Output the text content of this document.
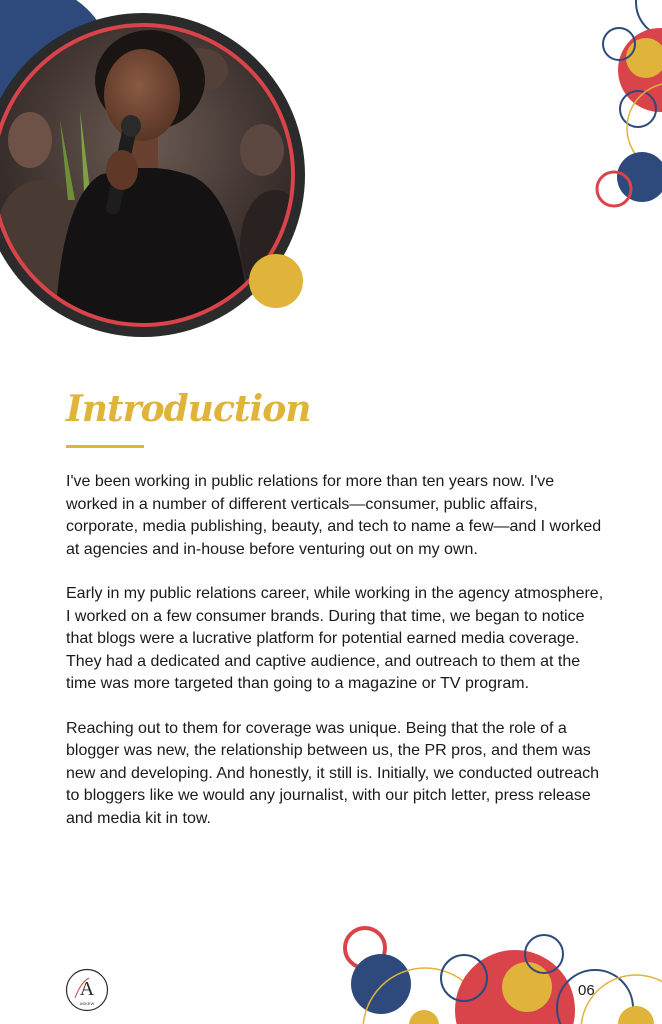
Introduction

I've been working in public relations for more than ten years now. I've worked in a number of different verticals—consumer, public affairs, corporate, media publishing, beauty, and tech to name a few—and I worked at agencies and in-house before venturing out on my own.

Early in my public relations career, while working in the agency atmosphere, I worked on a few consumer brands. During that time, we began to notice that blogs were a lucrative platform for potential earned media coverage. They had a dedicated and captive audience, and outreach to them at the time was more targeted than going to a magazine or TV program.

Reaching out to them for coverage was unique. Being that the role of a blogger was new, the relationship between us, the PR pros, and them was new and developing. And honestly, it still is. Initially, we conducted outreach to bloggers like we would any journalist, with our pitch letter, press release and media kit in tow.

A
ASKEW
06
